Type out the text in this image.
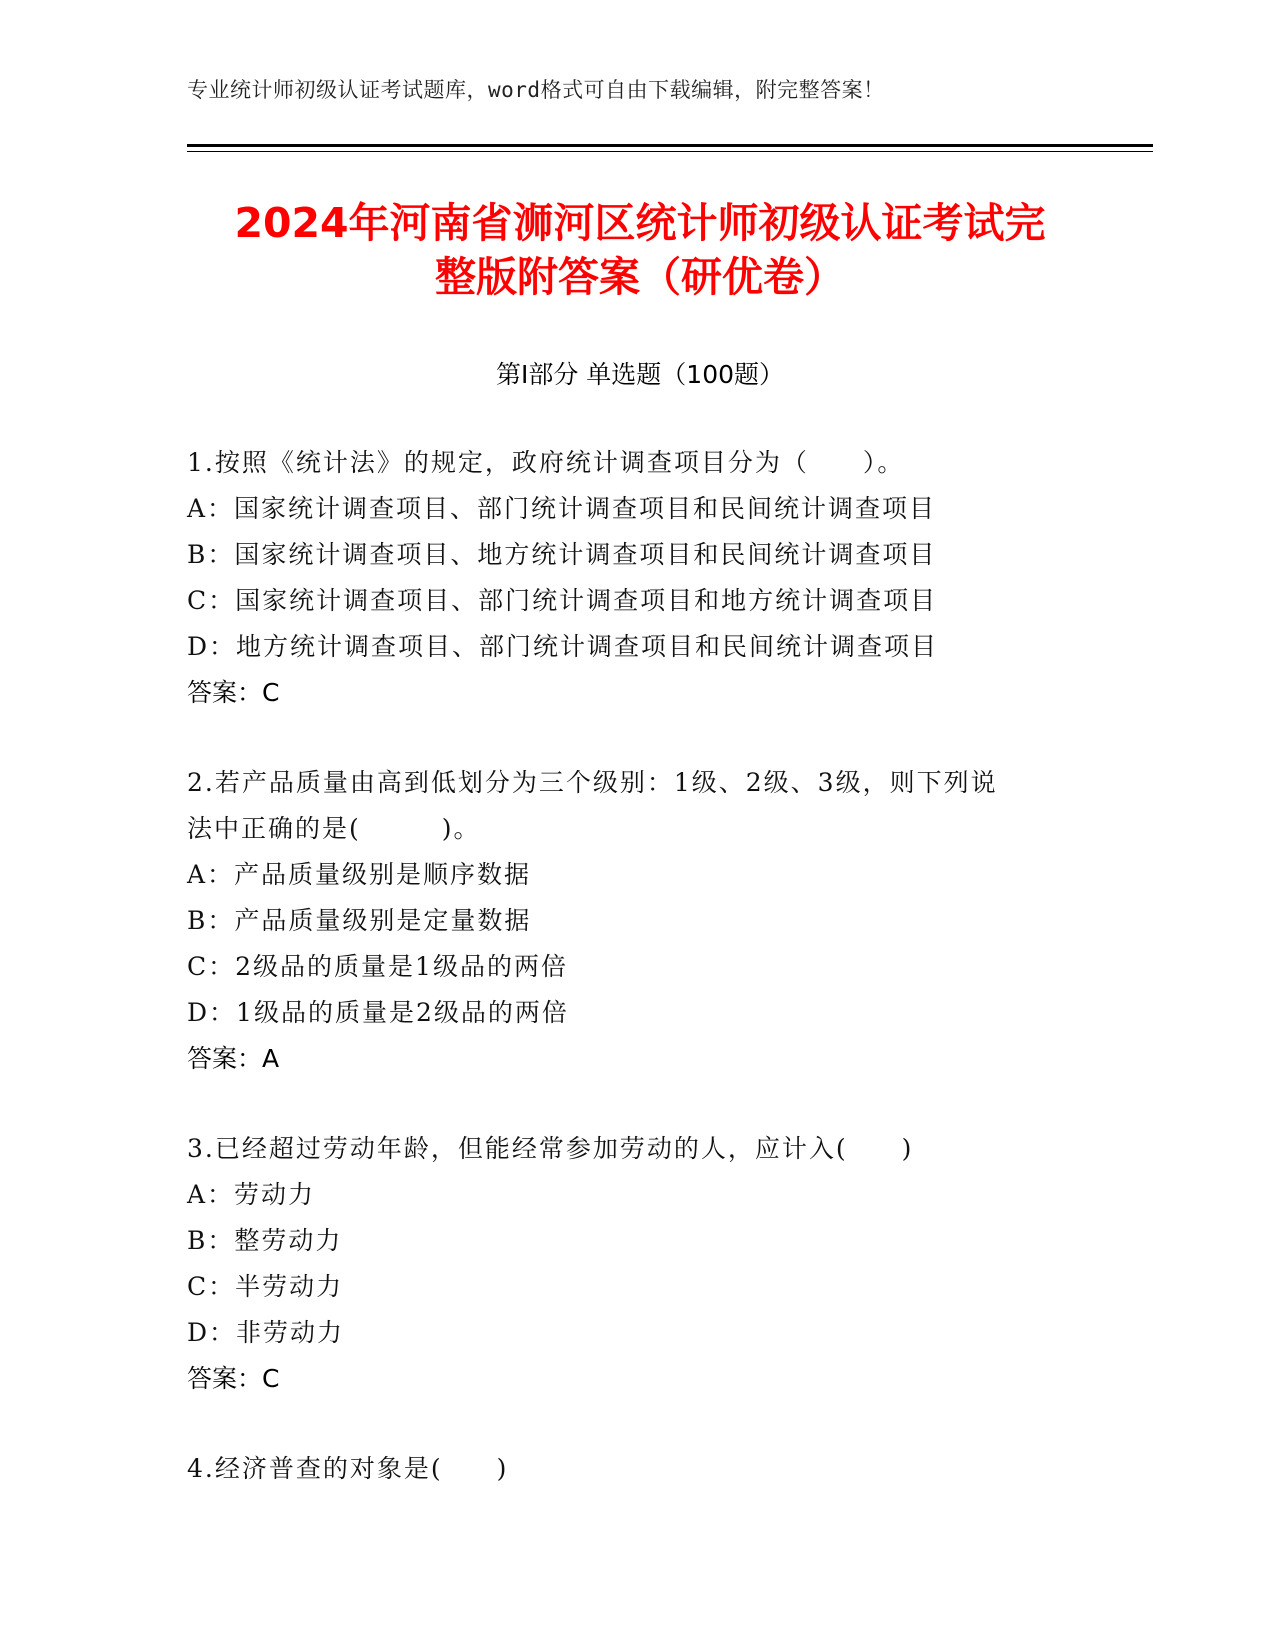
专业统计师初级认证考试题库，word格式可自由下载编辑，附完整答案！
2024年河南省浉河区统计师初级认证考试完
整版附答案（研优卷）
第Ⅰ部分 单选题（100题）
1.按照《统计法》的规定，政府统计调查项目分为（　　）。
A：国家统计调查项目、部门统计调查项目和民间统计调查项目
B：国家统计调查项目、地方统计调查项目和民间统计调查项目
C：国家统计调查项目、部门统计调查项目和地方统计调查项目
D：地方统计调查项目、部门统计调查项目和民间统计调查项目
答案：C
2.若产品质量由高到低划分为三个级别：1级、2级、3级，则下列说
法中正确的是(　　　)。
A：产品质量级别是顺序数据
B：产品质量级别是定量数据
C：2级品的质量是1级品的两倍
D：1级品的质量是2级品的两倍
答案：A
3.已经超过劳动年龄，但能经常参加劳动的人，应计入(　　)
A：劳动力
B：整劳动力
C：半劳动力
D：非劳动力
答案：C
4.经济普查的对象是(　　)
